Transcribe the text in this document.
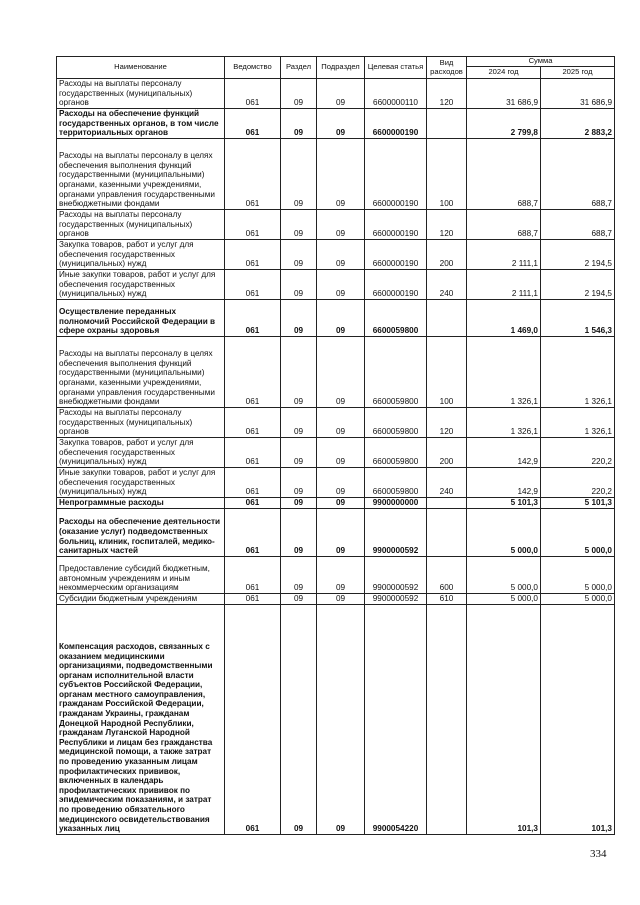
Наименование	Ведомство	Раздел	Подраздел	Целевая статья	Вид расходов	Сумма	
						2024 год	2025 год
Расходы на выплаты персоналу государственных (муниципальных) органов	061	09	09	6600000110	120	31 686,9	31 686,9
Расходы на обеспечение функций государственных органов, в том числе территориальных органов	061	09	09	6600000190		2 799,8	2 883,2
Расходы на выплаты персоналу в целях обеспечения выполнения функций государственными (муниципальными) органами, казенными учреждениями, органами управления государственными внебюджетными фондами	061	09	09	6600000190	100	688,7	688,7
Расходы на выплаты персоналу государственных (муниципальных) органов	061	09	09	6600000190	120	688,7	688,7
Закупка товаров, работ и услуг для обеспечения государственных (муниципальных) нужд	061	09	09	6600000190	200	2 111,1	2 194,5
Иные закупки товаров, работ и услуг для обеспечения государственных (муниципальных) нужд	061	09	09	6600000190	240	2 111,1	2 194,5
Осуществление переданных полномочий Российской Федерации в сфере охраны здоровья	061	09	09	6600059800		1 469,0	1 546,3
Расходы на выплаты персоналу в целях обеспечения выполнения функций государственными (муниципальными) органами, казенными учреждениями, органами управления государственными внебюджетными фондами	061	09	09	6600059800	100	1 326,1	1 326,1
Расходы на выплаты персоналу государственных (муниципальных) органов	061	09	09	6600059800	120	1 326,1	1 326,1
Закупка товаров, работ и услуг для обеспечения государственных (муниципальных) нужд	061	09	09	6600059800	200	142,9	220,2
Иные закупки товаров, работ и услуг для обеспечения государственных (муниципальных) нужд	061	09	09	6600059800	240	142,9	220,2
Непрограммные расходы	061	09	09	9900000000		5 101,3	5 101,3
Расходы на обеспечение деятельности (оказание услуг) подведомственных больниц, клиник, госпиталей, медико-санитарных частей	061	09	09	9900000592		5 000,0	5 000,0
Предоставление субсидий бюджетным, автономным учреждениям и иным некоммерческим организациям	061	09	09	9900000592	600	5 000,0	5 000,0
Субсидии бюджетным учреждениям	061	09	09	9900000592	610	5 000,0	5 000,0
Компенсация расходов, связанных с оказанием медицинскими организациями, подведомственными органам исполнительной власти субъектов Российской Федерации, органам местного самоуправления, гражданам Российской Федерации, гражданам Украины, гражданам Донецкой Народной Республики, гражданам Луганской Народной Республики и лицам без гражданства медицинской помощи, а также затрат по проведению указанным лицам профилактических прививок, включенных в календарь профилактических прививок по эпидемическим показаниям, и затрат по проведению обязательного медицинского освидетельствования указанных лиц	061	09	09	9900054220		101,3	101,3
334
